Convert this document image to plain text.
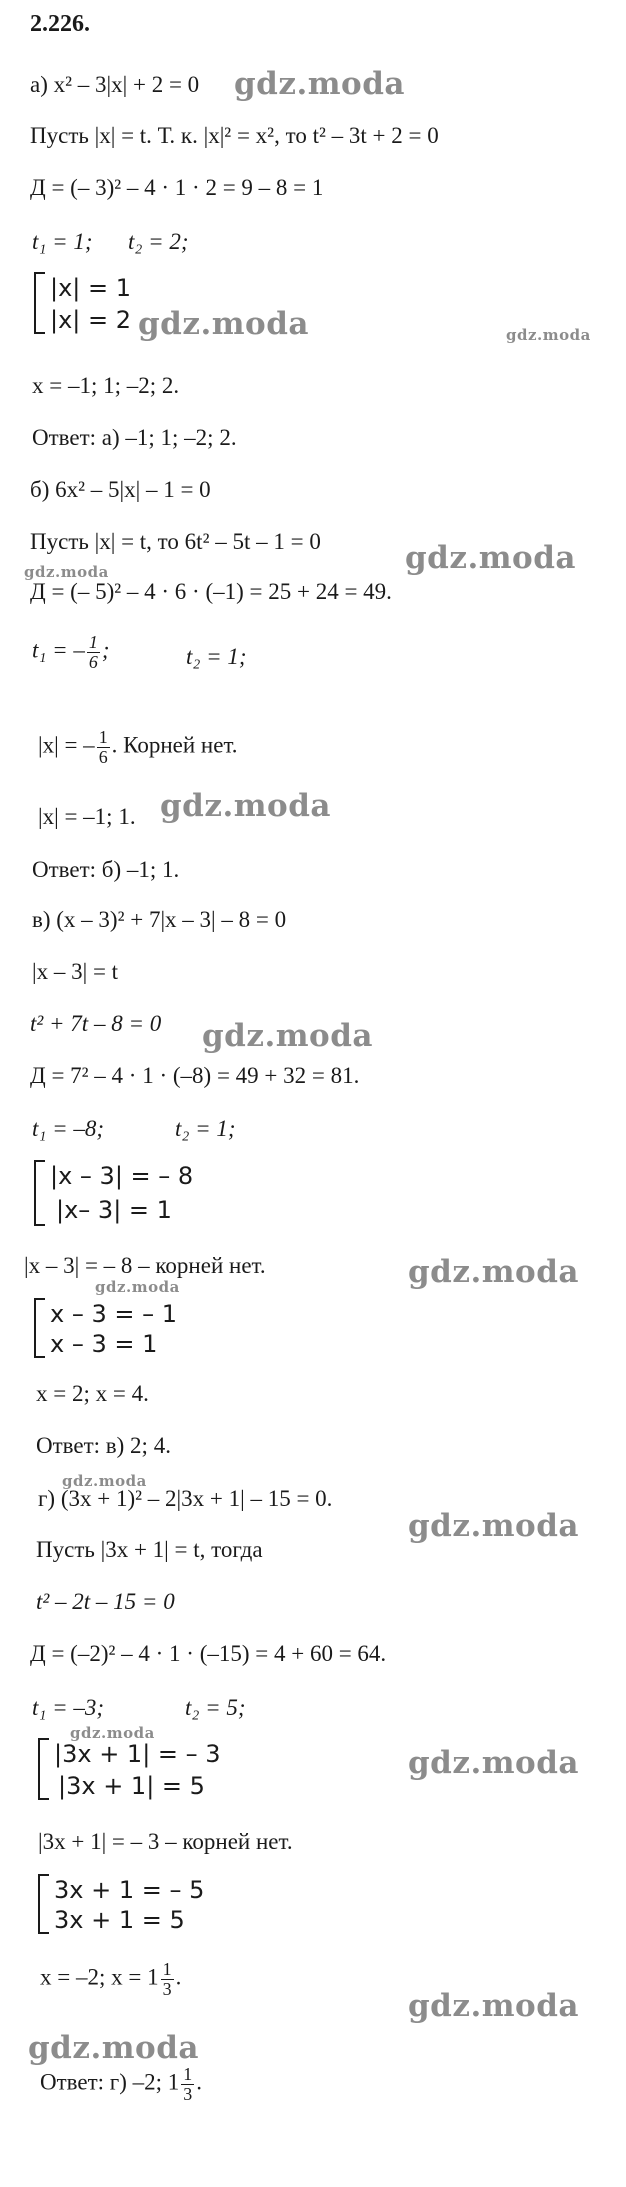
2.226.
а) x² – 3|x| + 2 = 0
Пусть |x| = t. Т. к. |x|² = x², то t² – 3t + 2 = 0
Д = (– 3)² – 4 · 1 · 2 = 9 – 8 = 1
t₁ = 1; t₂ = 2;
|x| = 1
|x| = 2
x = –1; 1; –2; 2.
Ответ: а) –1; 1; –2; 2.
б) 6x² – 5|x| – 1 = 0
Пусть |x| = t, то 6t² – 5t – 1 = 0
Д = (– 5)² – 4 · 6 · (–1) = 25 + 24 = 49.
t₁ = – $\frac{1}{6}$ ;	t₂ = 1;
|x| = – $\frac{1}{6}$ . Корней нет.
|x| = –1; 1.
Ответ: б) –1; 1.
в) (x – 3)² + 7|x – 3| – 8 = 0
|x – 3| = t
t² + 7t – 8 = 0
Д = 7² – 4 · 1 · (–8) = 49 + 32 = 81.
t₁ = –8;	t₂ = 1;
|x – 3| = – 8
|x– 3| = 1
|x – 3| = – 8 – корней нет.
x – 3 = – 1
x – 3 = 1
x = 2; x = 4.
Ответ: в) 2; 4.
г) (3x + 1)² – 2|3x + 1| – 15 = 0.
Пусть |3x + 1| = t, тогда
t² – 2t – 15 = 0
Д = (–2)² – 4 · 1 · (–15) = 4 + 60 = 64.
t₁ = –3;	t₂ = 5;
|3x + 1| = – 3
|3x + 1| = 5
|3x + 1| = – 3 – корней нет.
3x + 1 = – 5
3x + 1 = 5
x = –2; $x = 1 \frac{1}{3}$ .
Ответ: г) –2; $1 \frac{1}{3}$ .
gdz.moda
gdz.moda	gdz.moda
gdz.moda	gdz.moda
gdz.moda
gdz.moda
gdz.moda
gdz.moda
gdz.moda
gdz.moda
gdz.moda
gdz.moda
gdz.moda
gdz.moda
